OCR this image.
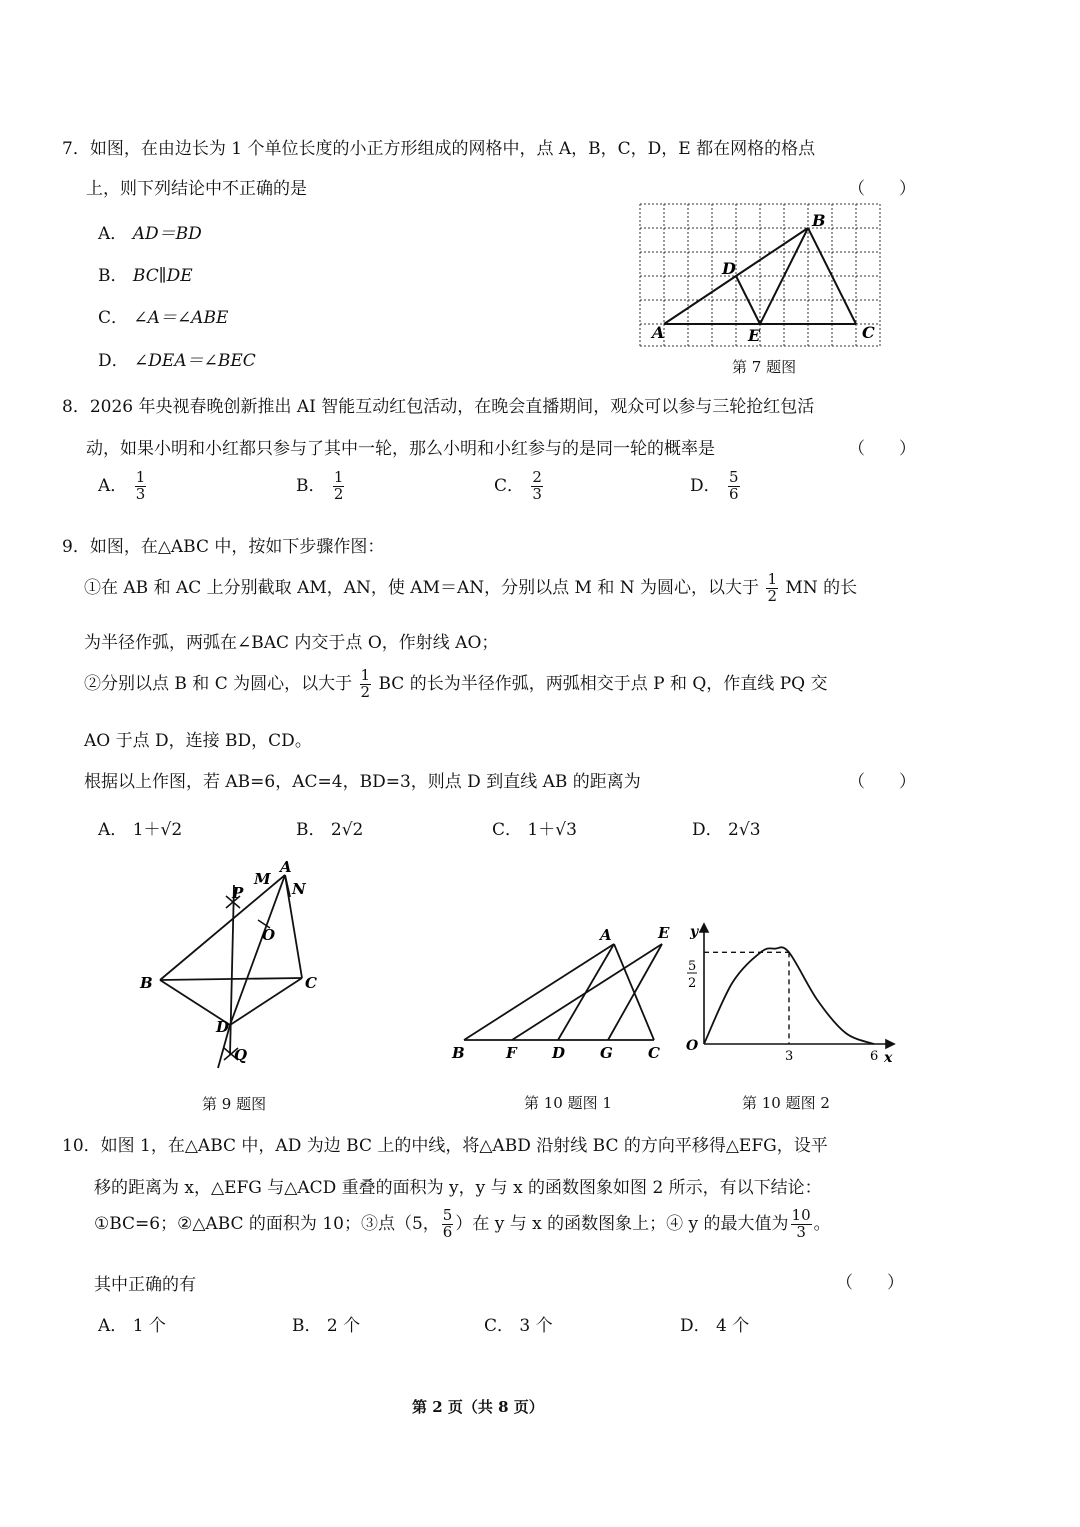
7．如图，在由边长为 1 个单位长度的小正方形组成的网格中，点 A，B，C，D，E 都在网格的格点
上，则下列结论中不正确的是	（　　）
A． AD＝BD
B． BC∥DE
C． ∠A＝∠ABE
D． ∠DEA＝∠BEC
A
B
C
D
E
第 7 题图
8．2026 年央视春晚创新推出 AI 智能互动红包活动，在晚会直播期间，观众可以参与三轮抢红包活
动，如果小明和小红都只参与了其中一轮，那么小明和小红参与的是同一轮的概率是	（　　）
A． $\frac{1}{3}$	B． $\frac{1}{2}$	C． $\frac{2}{3}$	D． $\frac{5}{6}$
9．如图，在△ABC 中，按如下步骤作图：
①在 AB 和 AC 上分别截取 AM，AN，使 AM＝AN，分别以点 M 和 N 为圆心，以大于 $\frac{1}{2}$ MN 的长
为半径作弧，两弧在∠BAC 内交于点 O，作射线 AO；
②分别以点 B 和 C 为圆心，以大于 $\frac{1}{2}$ BC 的长为半径作弧，两弧相交于点 P 和 Q，作直线 PQ 交
AO 于点 D，连接 BD，CD。
根据以上作图，若 AB=6，AC=4，BD=3，则点 D 到直线 AB 的距离为	（　　）
A． 1＋√2	B． 2√2	C． 1＋√3	D． 2√3
M
A
N
P
O
B	C
D
Q
第 9 题图
A	E
B	F D G C
第 10 题图 1
y
x
O
5
2
3	6
第 10 题图 2
10．如图 1，在△ABC 中，AD 为边 BC 上的中线，将△ABD 沿射线 BC 的方向平移得△EFG，设平
移的距离为 x，△EFG 与△ACD 重叠的面积为 y，y 与 x 的函数图象如图 2 所示，有以下结论：
①BC=6；②△ABC 的面积为 10；③点（5， $\frac{5}{6}$ ）在 y 与 x 的函数图象上；④ y 的最大值为 $\frac{10}{3}$ 。
其中正确的有	（　　）
A． 1 个	B． 2 个	C． 3 个	D． 4 个
第 2 页（共 8 页）
